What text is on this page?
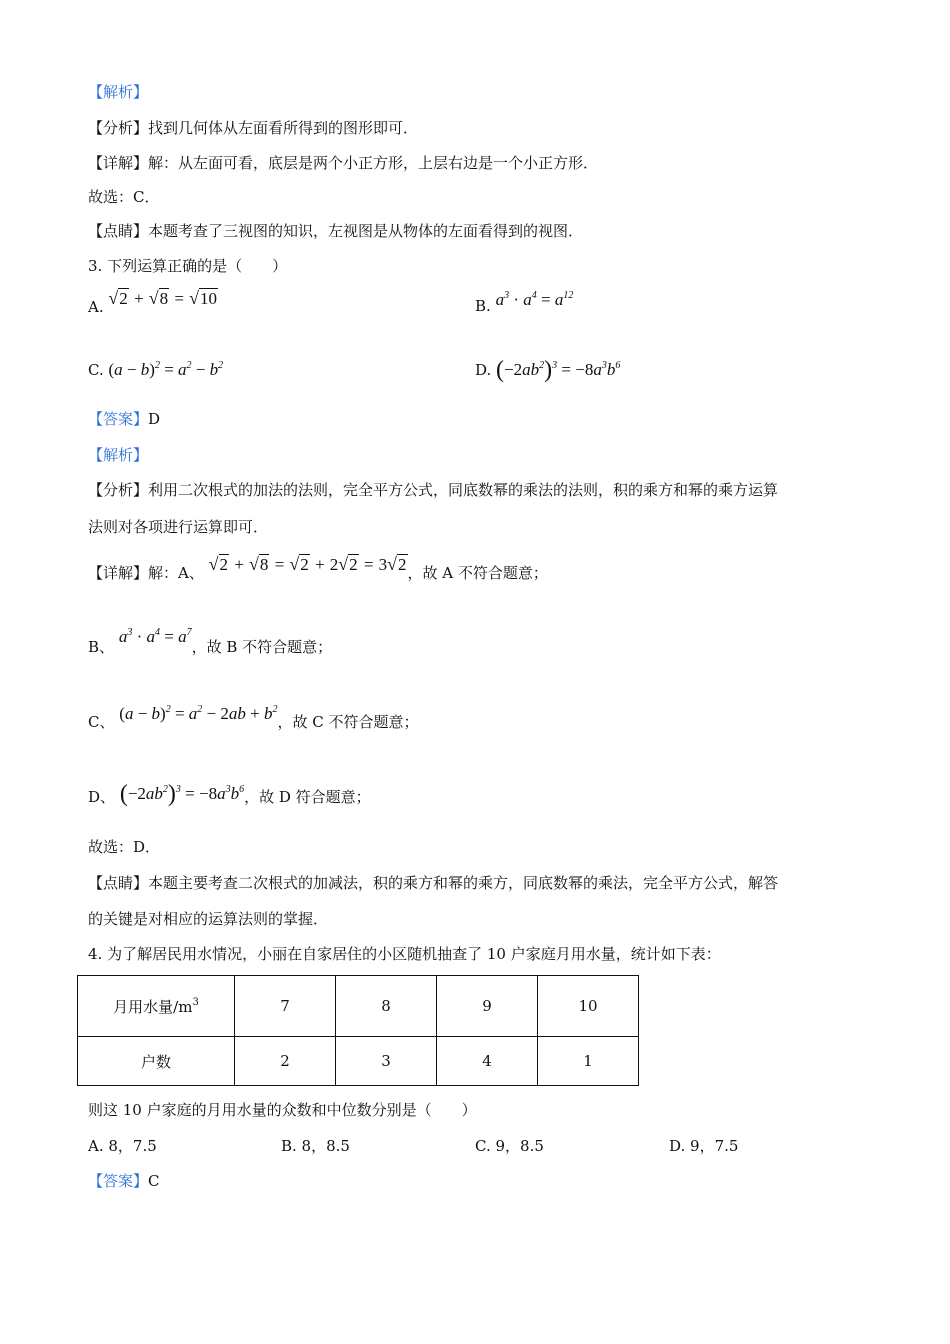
【解析】
【分析】找到几何体从左面看所得到的图形即可．
【详解】解：从左面可看，底层是两个小正方形，上层右边是一个小正方形．
故选：C．
【点睛】本题考查了三视图的知识，左视图是从物体的左面看得到的视图．
3. 下列运算正确的是（　　）
A. √2 + √8 = √10	B. $a^3 \cdot a^4 = a^{12}$
C. $(a - b)^2 = a^2 - b^2$	D. $(-2ab^2)^3 = -8a^3b^6$
【答案】D
【解析】
【分析】利用二次根式的加法的法则，完全平方公式，同底数幂的乘法的法则，积的乘方和幂的乘方运算
法则对各项进行运算即可．
【详解】解：A、 √2 + √8 = √2 + 2√2 = 3√2，故 A 不符合题意；
B、 $a^3 \cdot a^4 = a^7$，故 B 不符合题意；
C、 $(a - b)^2 = a^2 - 2ab + b^2$，故 C 不符合题意；
D、 $(-2ab^2)^3 = -8a^3b^6$，故 D 符合题意；
故选：D．
【点睛】本题主要考查二次根式的加减法，积的乘方和幂的乘方，同底数幂的乘法，完全平方公式，解答
的关键是对相应的运算法则的掌握．
4. 为了解居民用水情况，小丽在自家居住的小区随机抽查了 10 户家庭月用水量，统计如下表：
月用水量$/m^3$	7	8	9	10
户数	2	3	4	1
则这 10 户家庭的月用水量的众数和中位数分别是（　　）
A. 8，7.5	B. 8，8.5	C. 9，8.5	D. 9，7.5
【答案】C
